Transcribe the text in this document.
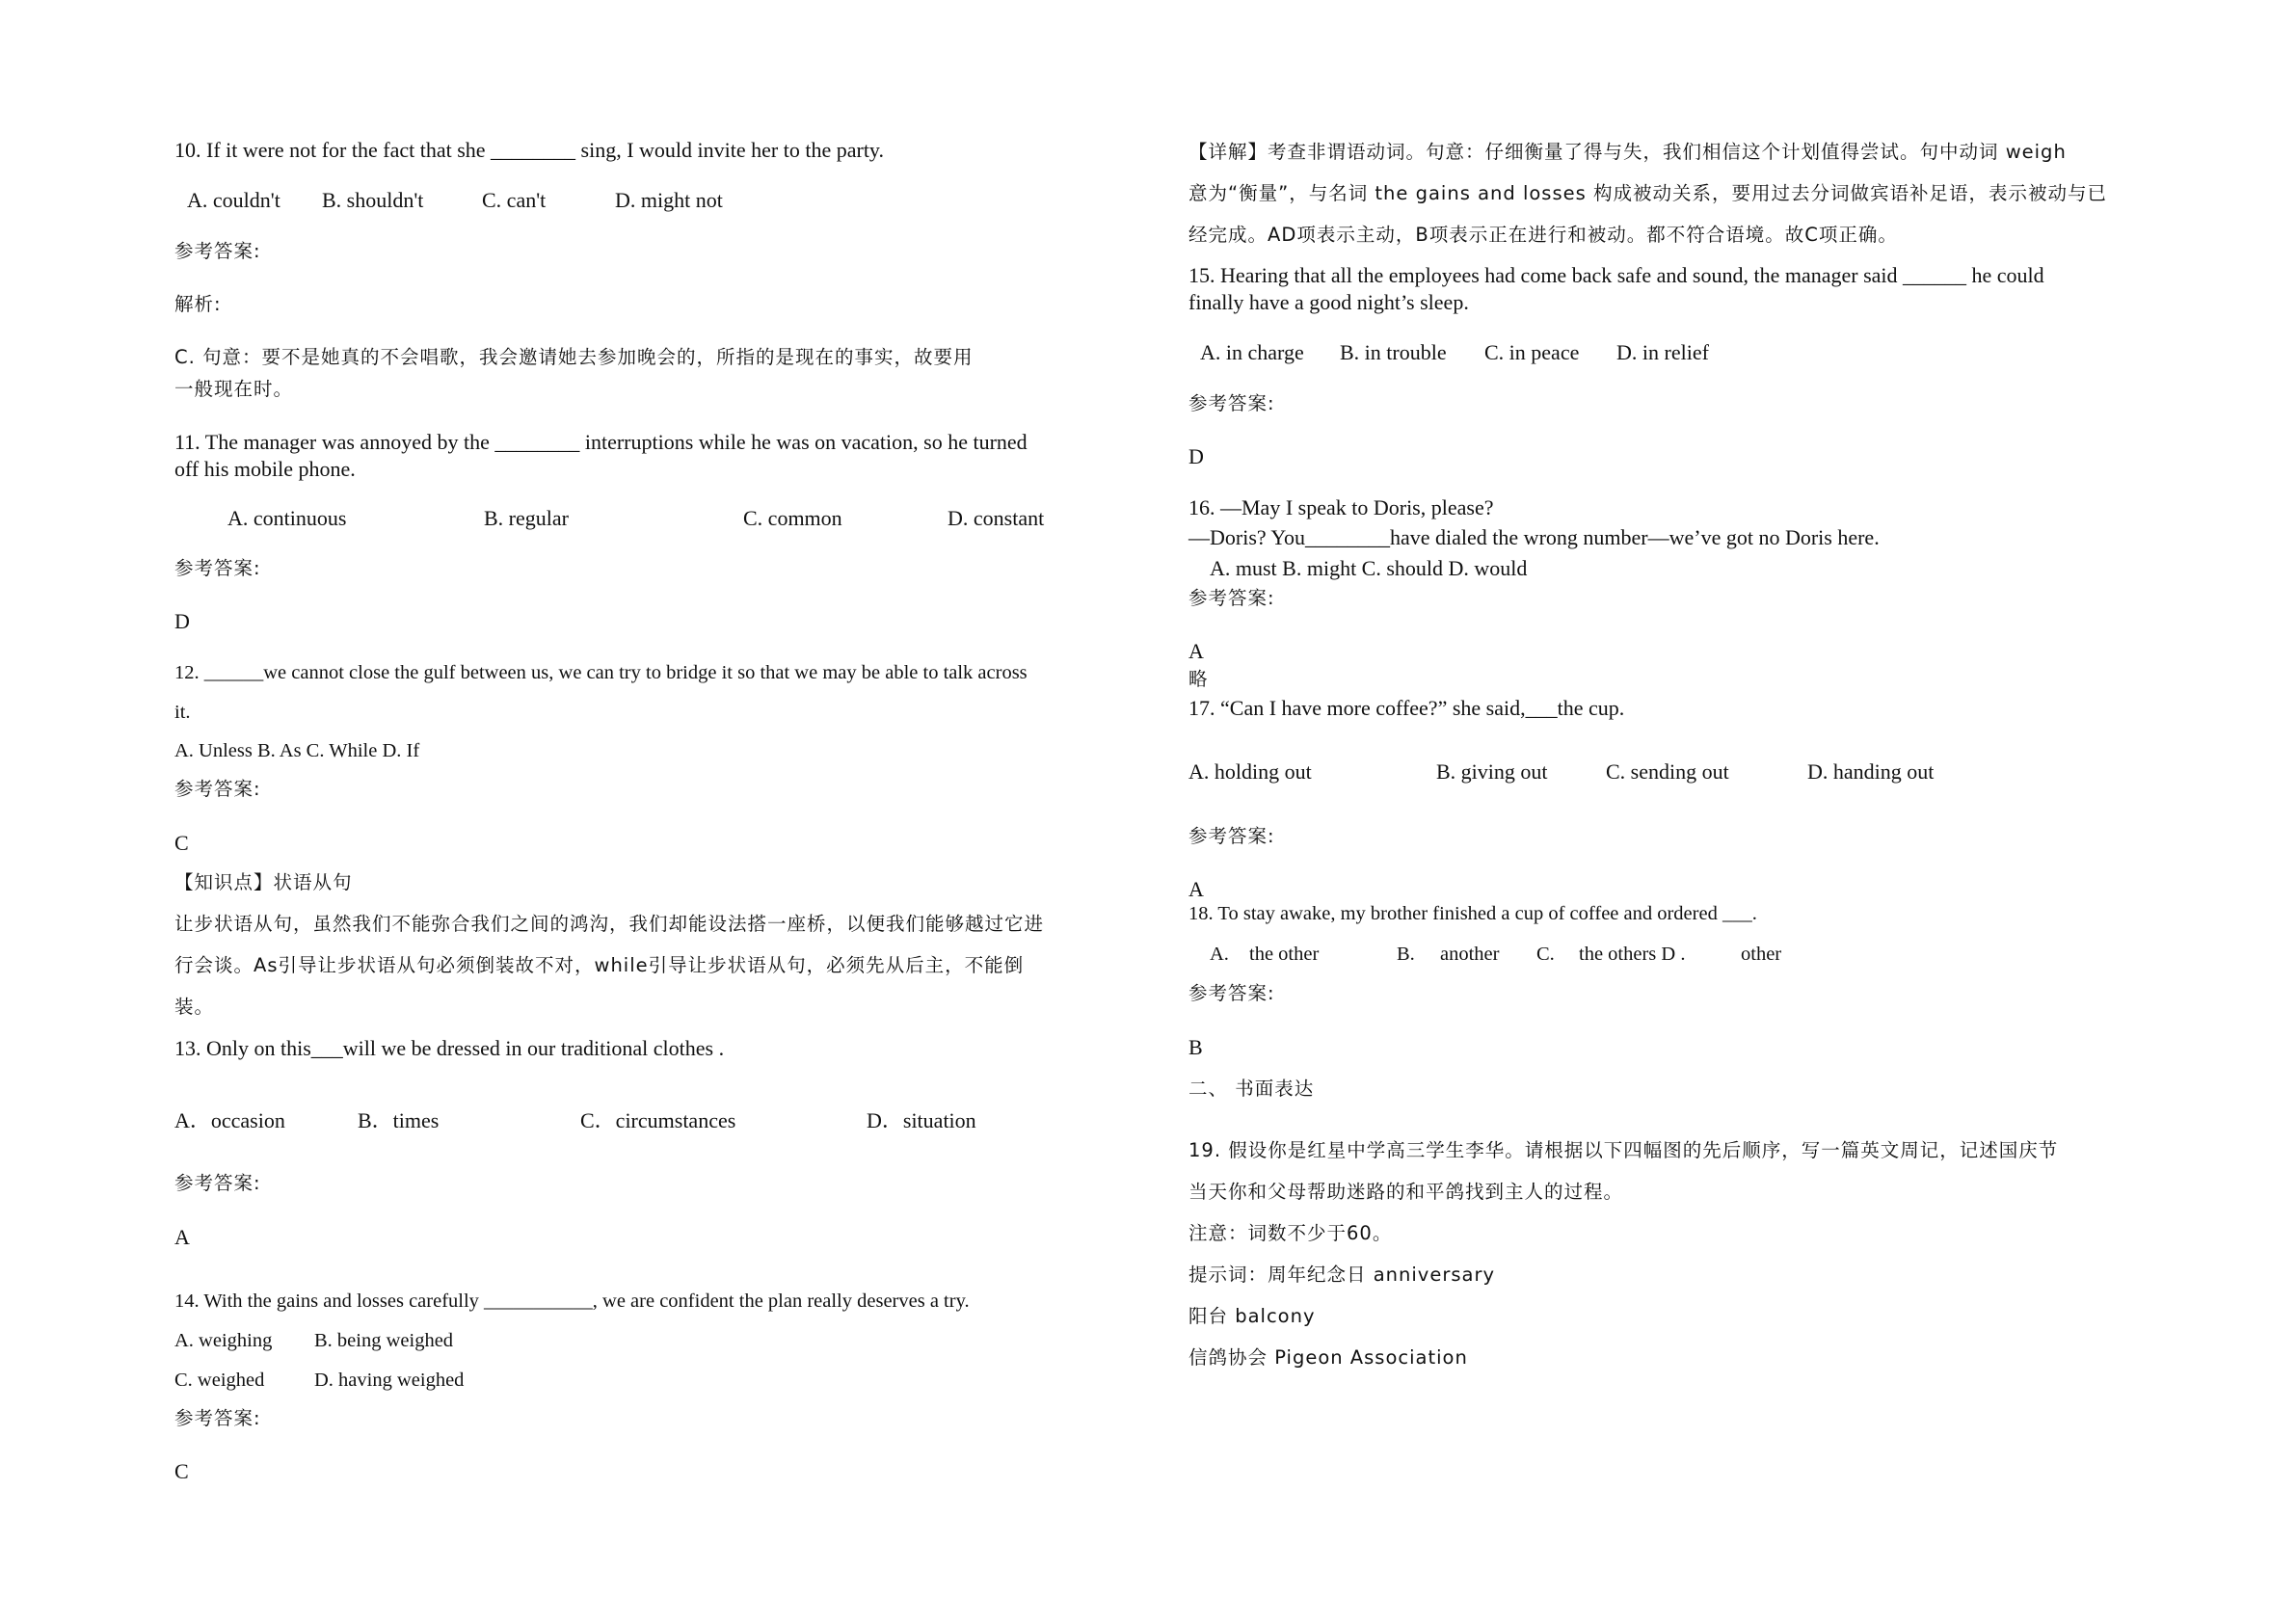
10. If it were not for the fact that she ________ sing, I would invite her to the party.
A. couldn't B. shouldn't	C. can't	D. might not
参考答案:
解析:
C. 句意：要不是她真的不会唱歌，我会邀请她去参加晚会的，所指的是现在的事实，故要用
一般现在时。
11. The manager was annoyed by the ________ interruptions while he was on vacation, so he turned
off his mobile phone.
A. continuous	B. regular	C. common	D. constant
参考答案:
D
12. ______we cannot close the gulf between us, we can try to bridge it so that we may be able to talk across
it.
A. Unless B. As C. While D. If
参考答案:
C
【知识点】状语从句
让步状语从句，虽然我们不能弥合我们之间的鸿沟，我们却能设法搭一座桥，以便我们能够越过它进
行会谈。As引导让步状语从句必须倒装故不对，while引导让步状语从句，必须先从后主，不能倒
装。
13. Only on this___will we be dressed in our traditional clothes .
A．occasion	B．times	C．circumstances	D．situation
参考答案:
A
14. With the gains and losses carefully ___________, we are confident the plan really deserves a try.
A. weighing B. being weighed
C. weighed	D. having weighed
参考答案:
C
【详解】考查非谓语动词。句意：仔细衡量了得与失，我们相信这个计划值得尝试。句中动词 weigh
意为“衡量”，与名词 the gains and losses 构成被动关系，要用过去分词做宾语补足语，表示被动与已
经完成。AD项表示主动，B项表示正在进行和被动。都不符合语境。故C项正确。
15. Hearing that all the employees had come back safe and sound, the manager said ______ he could
finally have a good night’s sleep.
A. in charge B. in trouble C. in peace D. in relief
参考答案:
D
16. —May I speak to Doris, please?
—Doris? You________have dialed the wrong number—we’ve got no Doris here.
A. must B. might C. should D. would
参考答案:
A
略
17. “Can I have more coffee?” she said,___the cup.
A. holding out	B. giving out	C. sending out	D. handing out
参考答案:
A
18. To stay awake, my brother finished a cup of coffee and ordered ___.
A. the other	B. another C. the others D .	other
参考答案:
B
二、 书面表达
19. 假设你是红星中学高三学生李华。请根据以下四幅图的先后顺序，写一篇英文周记，记述国庆节
当天你和父母帮助迷路的和平鸽找到主人的过程。
注意：词数不少于60。
提示词：周年纪念日 anniversary
阳台 balcony
信鸽协会 Pigeon Association
